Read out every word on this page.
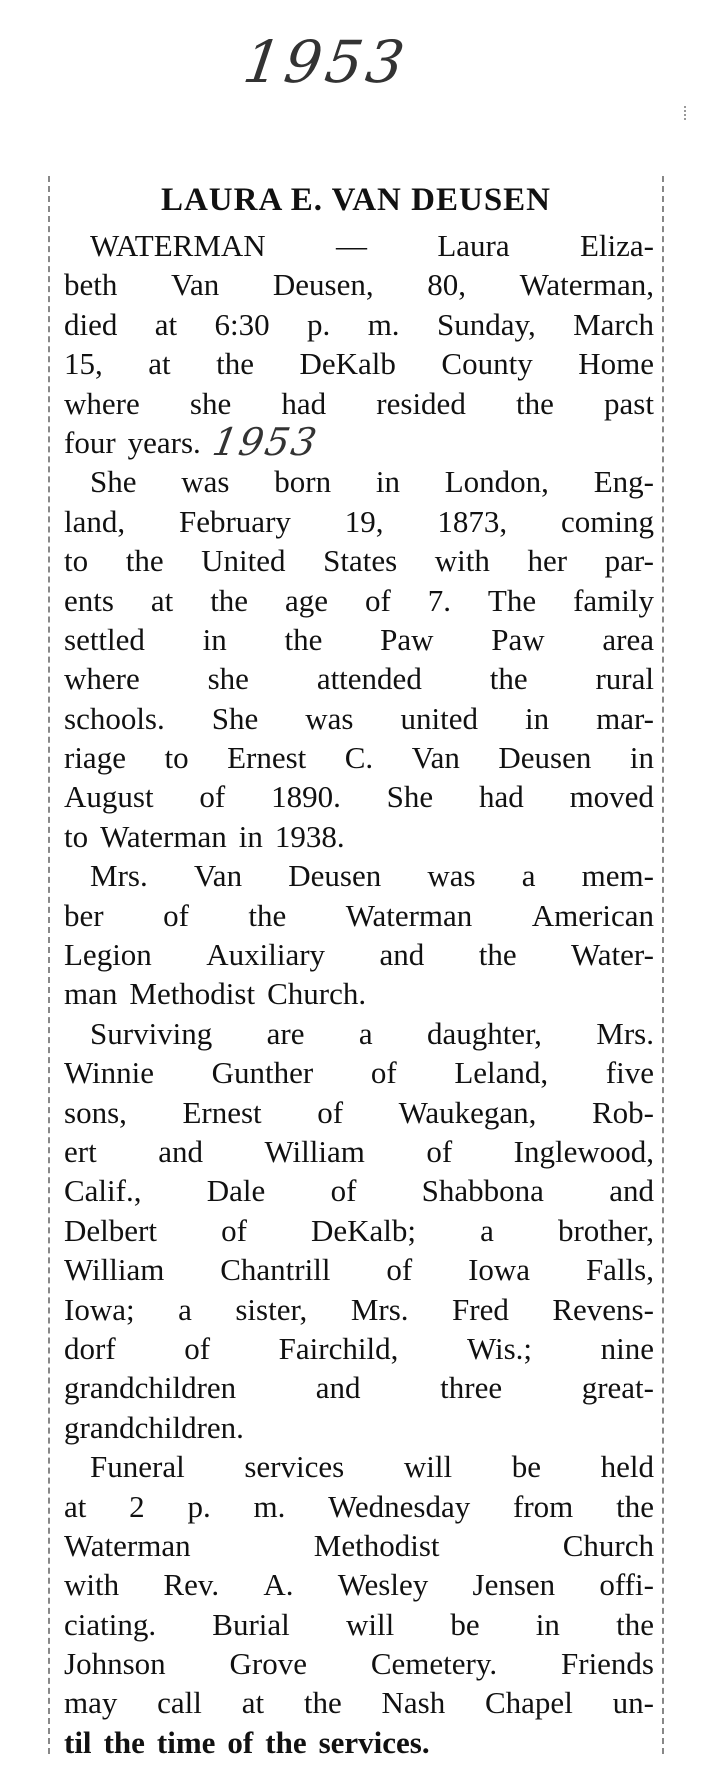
1953
LAURA E. VAN DEUSEN
WATERMAN — Laura Eliza-
beth Van Deusen, 80, Waterman,
died at 6:30 p. m. Sunday, March
15, at the DeKalb County Home
where she had resided the past
four years. 1953
She was born in London, Eng-
land, February 19, 1873, coming
to the United States with her par-
ents at the age of 7. The family
settled in the Paw Paw area
where she attended the rural
schools. She was united in mar-
riage to Ernest C. Van Deusen in
August of 1890. She had moved
to Waterman in 1938.
Mrs. Van Deusen was a mem-
ber of the Waterman American
Legion Auxiliary and the Water-
man Methodist Church.
Surviving are a daughter, Mrs.
Winnie Gunther of Leland, five
sons, Ernest of Waukegan, Rob-
ert and William of Inglewood,
Calif., Dale of Shabbona and
Delbert of DeKalb; a brother,
William Chantrill of Iowa Falls,
Iowa; a sister, Mrs. Fred Revens-
dorf of Fairchild, Wis.; nine
grandchildren	and	three	great-
grandchildren.
Funeral services will be held
at 2 p. m. Wednesday from the
Waterman	Methodist	Church
with Rev. A. Wesley Jensen offi-
ciating. Burial will be in the
Johnson Grove Cemetery. Friends
may call at the Nash Chapel un-
til the time of the services.
